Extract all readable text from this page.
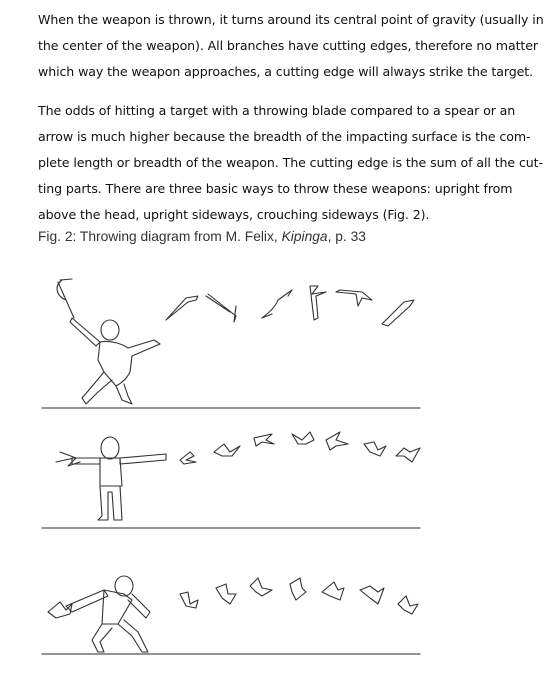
When the weapon is thrown, it turns around its central point of gravity (usually in
the center of the weapon). All branches have cutting edges, therefore no matter
which way the weapon approaches, a cutting edge will always strike the target.
The odds of hitting a target with a throwing blade compared to a spear or an
arrow is much higher because the breadth of the impacting surface is the com-
plete length or breadth of the weapon. The cutting edge is the sum of all the cut-
ting parts. There are three basic ways to throw these weapons: upright from
above the head, upright sideways, crouching sideways (Fig. 2).
Fig. 2: Throwing diagram from M. Felix, Kipinga, p. 33
